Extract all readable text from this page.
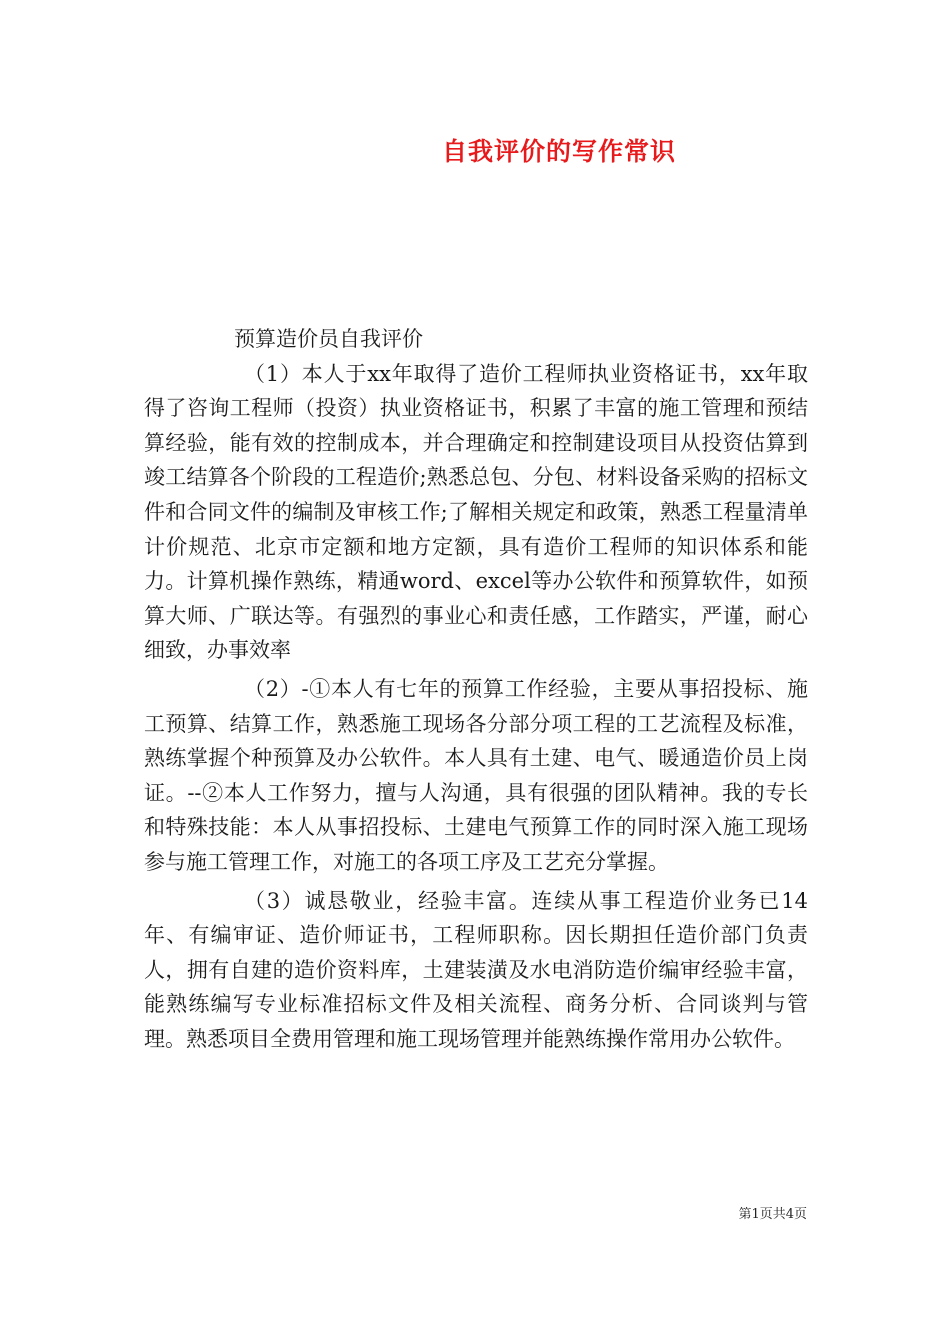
自我评价的写作常识

预算造价员自我评价

（1）本人于xx年取得了造价工程师执业资格证书，xx年取得了咨询工程师（投资）执业资格证书，积累了丰富的施工管理和预结算经验，能有效的控制成本，并合理确定和控制建设项目从投资估算到竣工结算各个阶段的工程造价;熟悉总包、分包、材料设备采购的招标文件和合同文件的编制及审核工作;了解相关规定和政策，熟悉工程量清单计价规范、北京市定额和地方定额，具有造价工程师的知识体系和能力。计算机操作熟练，精通word、excel等办公软件和预算软件，如预算大师、广联达等。有强烈的事业心和责任感，工作踏实，严谨，耐心细致，办事效率

（2）-①本人有七年的预算工作经验，主要从事招投标、施工预算、结算工作，熟悉施工现场各分部分项工程的工艺流程及标准，熟练掌握个种预算及办公软件。本人具有土建、电气、暖通造价员上岗证。--②本人工作努力，擅与人沟通，具有很强的团队精神。我的专长和特殊技能：本人从事招投标、土建电气预算工作的同时深入施工现场参与施工管理工作，对施工的各项工序及工艺充分掌握。

（3）诚恳敬业，经验丰富。连续从事工程造价业务已14年、有编审证、造价师证书，工程师职称。因长期担任造价部门负责人，拥有自建的造价资料库，土建装潢及水电消防造价编审经验丰富，能熟练编写专业标准招标文件及相关流程、商务分析、合同谈判与管理。熟悉项目全费用管理和施工现场管理并能熟练操作常用办公软件。

第1页共4页
